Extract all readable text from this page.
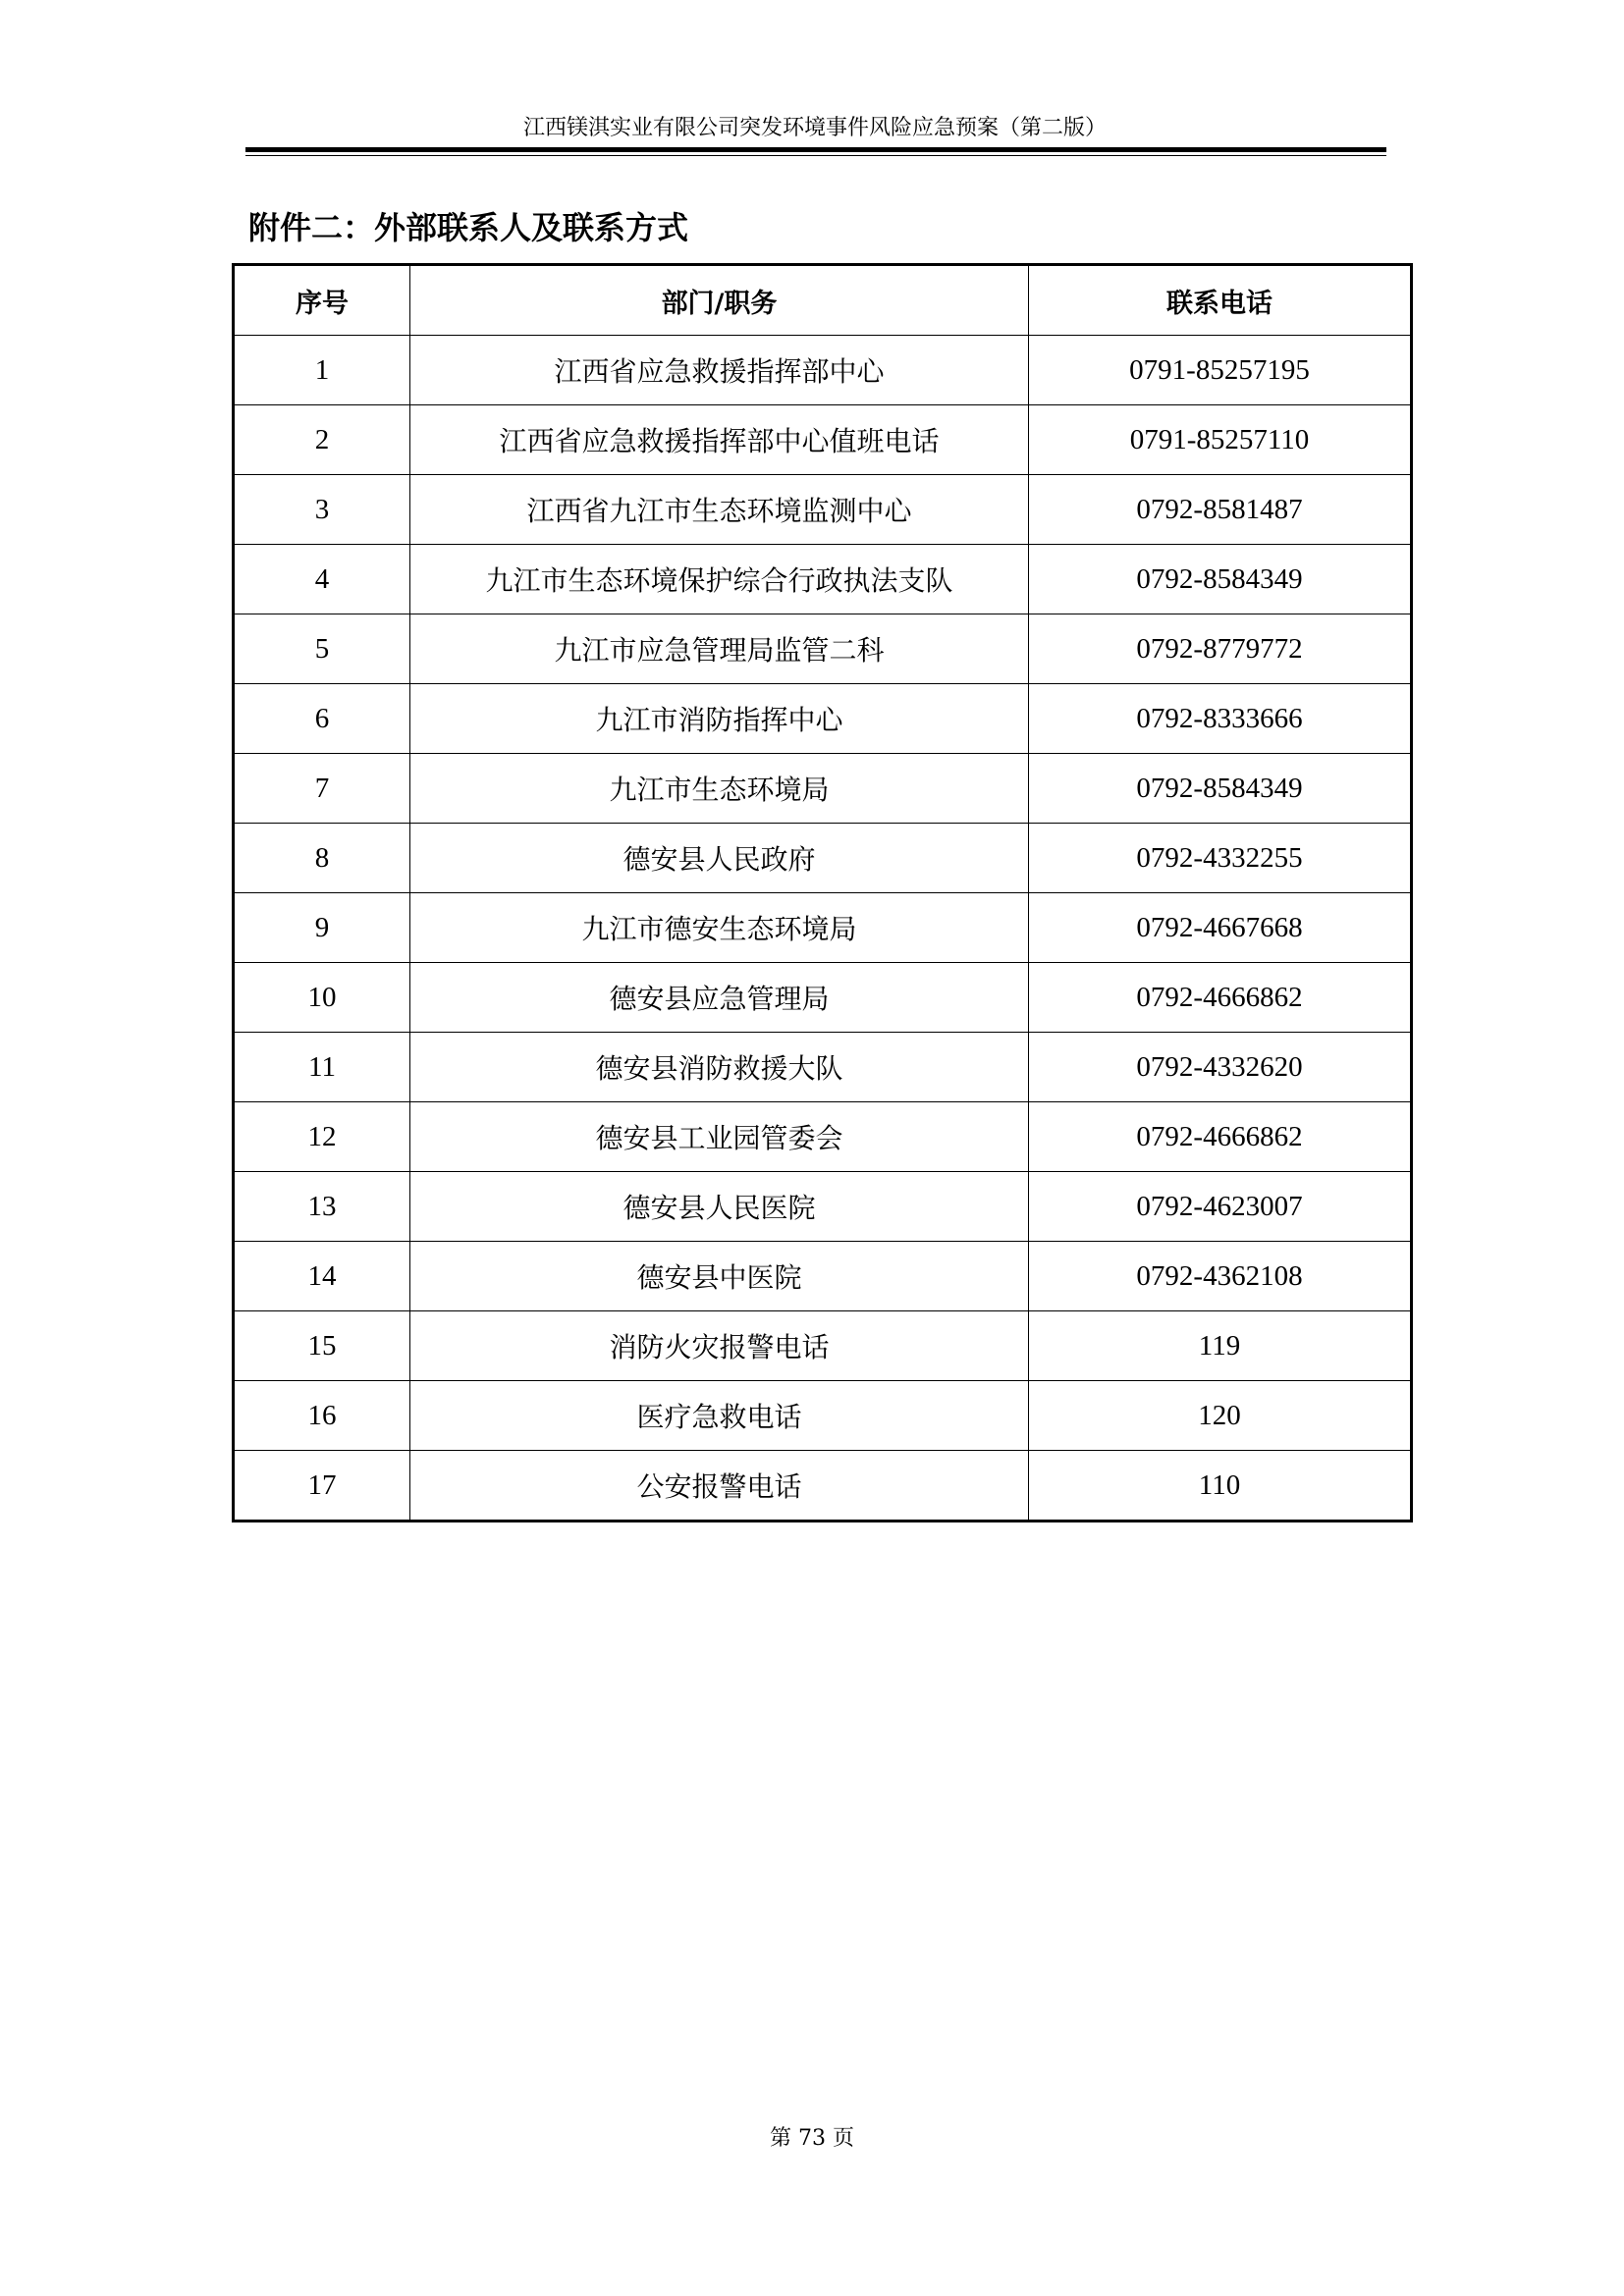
江西镁淇实业有限公司突发环境事件风险应急预案（第二版）
附件二：外部联系人及联系方式
序号	部门/职务	联系电话
1	江西省应急救援指挥部中心	0791-85257195
2	江西省应急救援指挥部中心值班电话	0791-85257110
3	江西省九江市生态环境监测中心	0792-8581487
4	九江市生态环境保护综合行政执法支队	0792-8584349
5	九江市应急管理局监管二科	0792-8779772
6	九江市消防指挥中心	0792-8333666
7	九江市生态环境局	0792-8584349
8	德安县人民政府	0792-4332255
9	九江市德安生态环境局	0792-4667668
10	德安县应急管理局	0792-4666862
11	德安县消防救援大队	0792-4332620
12	德安县工业园管委会	0792-4666862
13	德安县人民医院	0792-4623007
14	德安县中医院	0792-4362108
15	消防火灾报警电话	119
16	医疗急救电话	120
17	公安报警电话	110
第 73 页
